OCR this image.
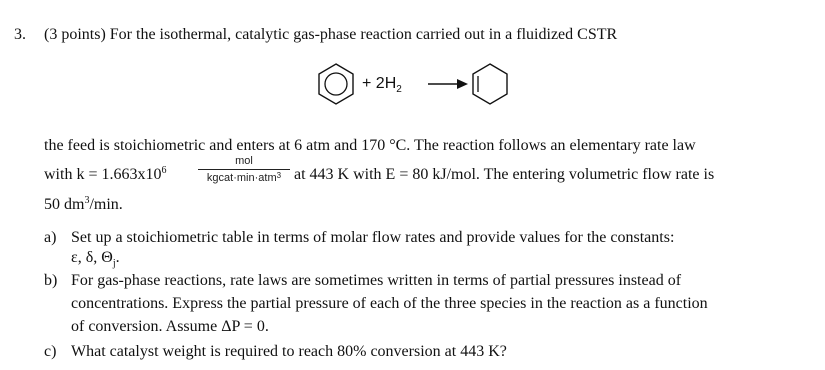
3. (3 points) For the isothermal, catalytic gas-phase reaction carried out in a fluidized CSTR
+ $2H_2$
the feed is stoichiometric and enters at 6 atm and 170 °C. The reaction follows an elementary rate law
with $k = 1.663x10^6$
mol
kgcat·min·atm$^3$ at 443 K with E = 80 kJ/mol. The entering volumetric flow rate is
50 $dm^3/\min$.
a) Set up a stoichiometric table in terms of molar flow rates and provide values for the constants:
ε, δ, $\Theta_j$.
b) For gas-phase reactions, rate laws are sometimes written in terms of partial pressures instead of
concentrations. Express the partial pressure of each of the three species in the reaction as a function
of conversion. Assume ΔP = 0.
c) What catalyst weight is required to reach 80% conversion at 443 K?
